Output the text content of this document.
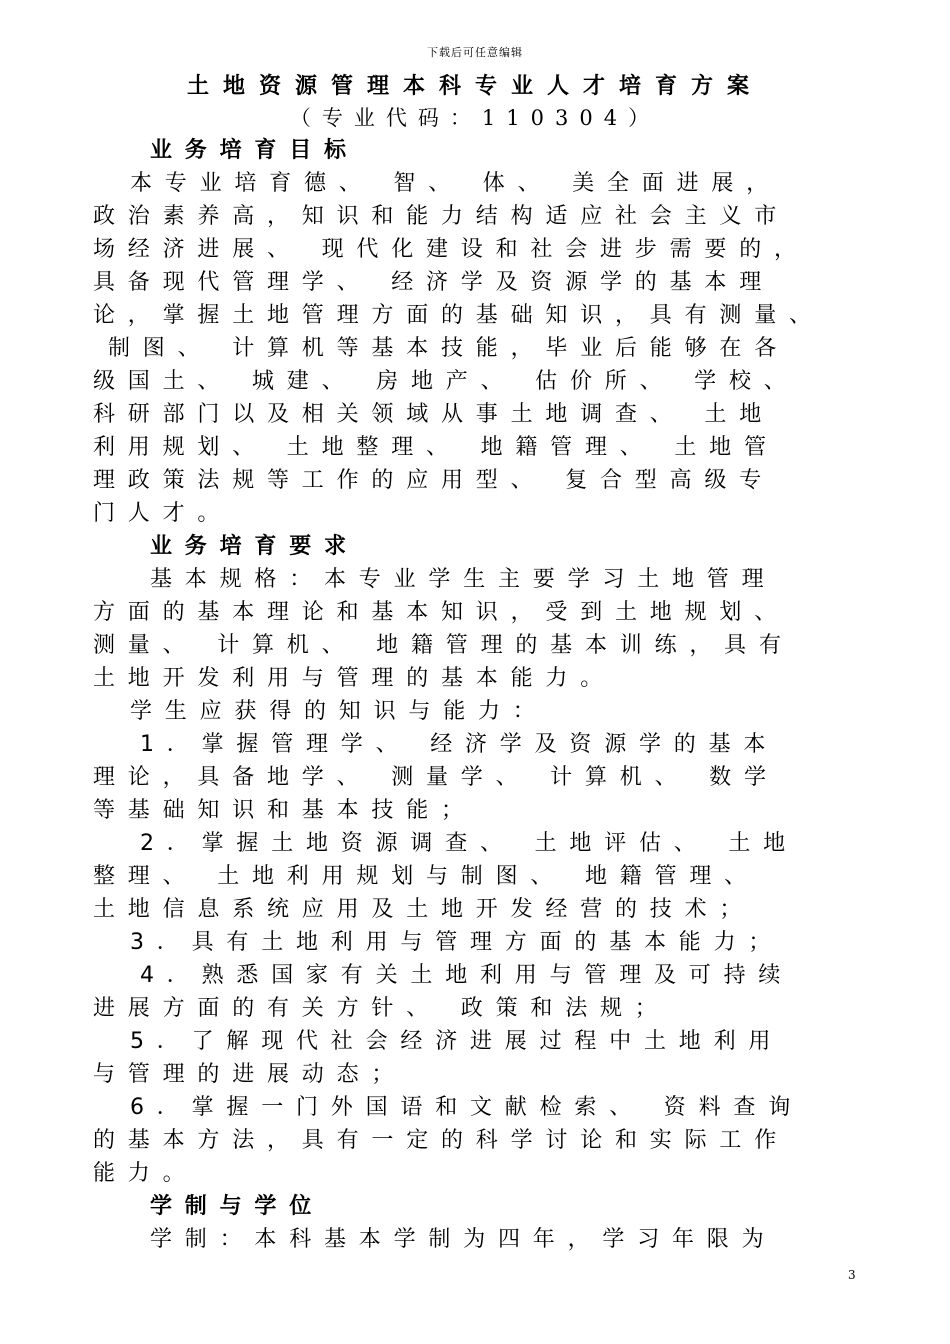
下载后可任意编辑
土地资源管理本科专业人才培育方案
（专业代码：110304）
业务培育目标
本专业培育德、 智、 体、 美全面进展，
政治素养高，知识和能力结构适应社会主义市
场经济进展、 现代化建设和社会进步需要的，
具备现代管理学、 经济学及资源学的基本理
论，掌握土地管理方面的基础知识，具有测量、
制图、 计算机等基本技能，毕业后能够在各
级国土、 城建、 房地产、 估价所、 学校、
科研部门以及相关领域从事土地调查、 土地
利用规划、 土地整理、 地籍管理、 土地管
理政策法规等工作的应用型、 复合型高级专
门人才。
业务培育要求
基本规格：本专业学生主要学习土地管理
方面的基本理论和基本知识，受到土地规划、
测量、 计算机、 地籍管理的基本训练，具有
土地开发利用与管理的基本能力。
学生应获得的知识与能力：
1．掌握管理学、 经济学及资源学的基本
理论，具备地学、 测量学、 计算机、 数学
等基础知识和基本技能；
2．掌握土地资源调查、 土地评估、 土地
整理、 土地利用规划与制图、 地籍管理、
土地信息系统应用及土地开发经营的技术；
3．具有土地利用与管理方面的基本能力；
4．熟悉国家有关土地利用与管理及可持续
进展方面的有关方针、 政策和法规；
5．了解现代社会经济进展过程中土地利用
与管理的进展动态；
6．掌握一门外国语和文献检索、 资料查询
的基本方法，具有一定的科学讨论和实际工作
能力。
学制与学位
学制：本科基本学制为四年，学习年限为
3
